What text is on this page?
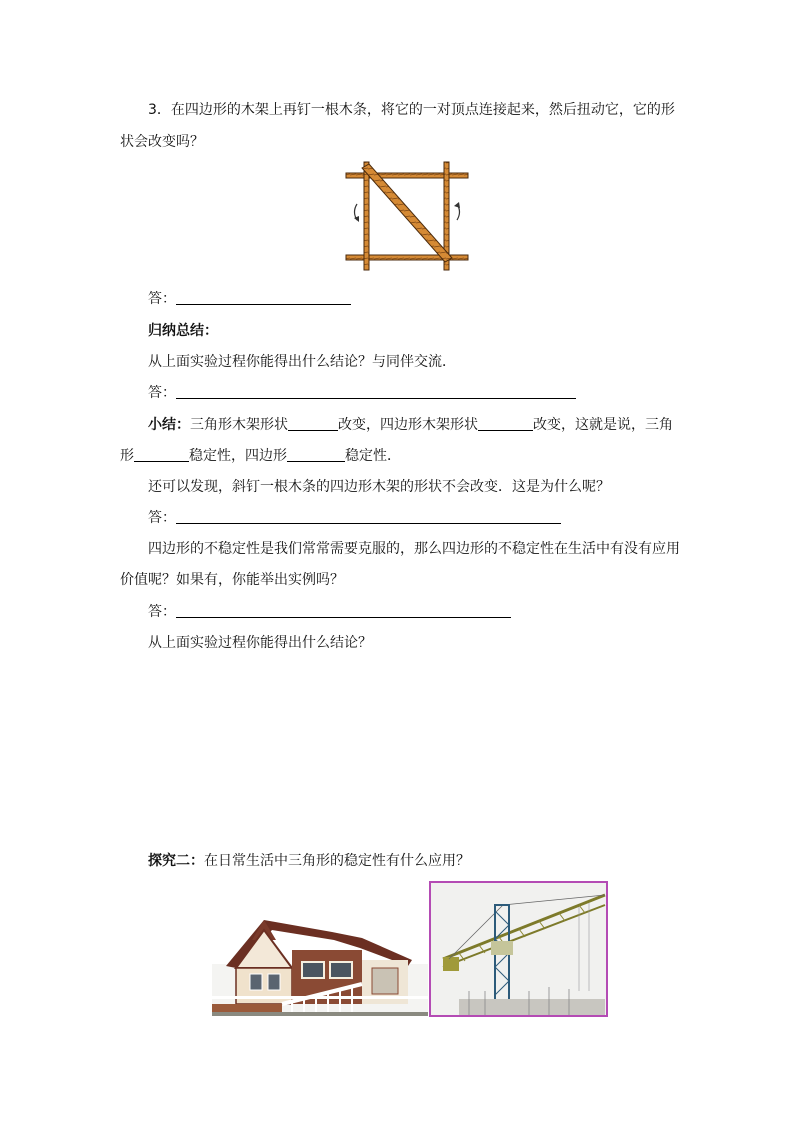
3．在四边形的木架上再钉一根木条，将它的一对顶点连接起来，然后扭动它，它的形
状会改变吗？
答：
归纳总结：
从上面实验过程你能得出什么结论？与同伴交流．
答：
小结：三角形木架形状	改变，四边形木架形状	改变，这就是说，三角
形	稳定性，四边形	稳定性．
还可以发现，斜钉一根木条的四边形木架的形状不会改变．这是为什么呢？
答：
四边形的不稳定性是我们常常需要克服的，那么四边形的不稳定性在生活中有没有应用
价值呢？如果有，你能举出实例吗？
答：
从上面实验过程你能得出什么结论？
探究二：在日常生活中三角形的稳定性有什么应用？
